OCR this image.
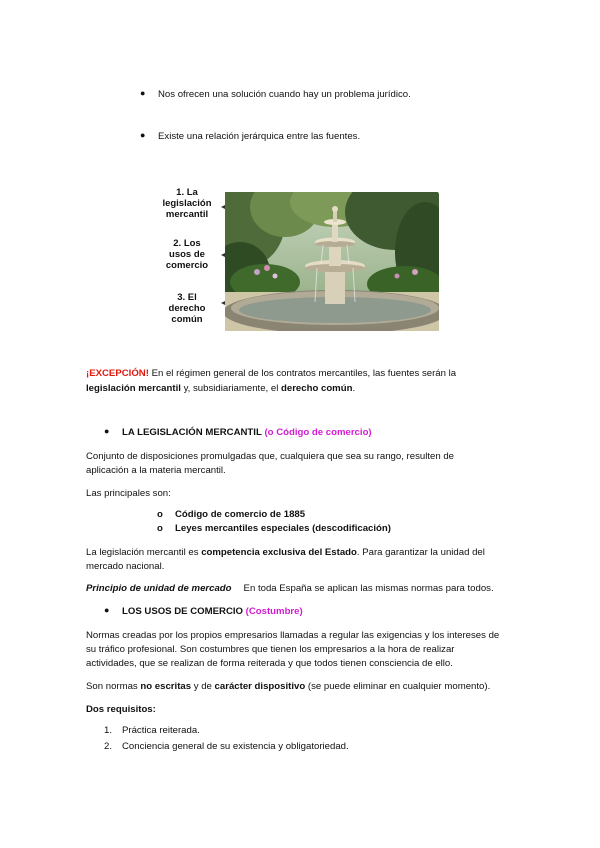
● Nos ofrecen una solución cuando hay un problema jurídico.
● Existe una relación jerárquica entre las fuentes.
1. La
legislación
mercantil
2. Los
usos de
comercio
3. El
derecho
común
¡EXCEPCIÓN! En el régimen general de los contratos mercantiles, las fuentes serán la
legislación mercantil y, subsidiariamente, el derecho común.
● LA LEGISLACIÓN MERCANTIL (o Código de comercio)
Conjunto de disposiciones promulgadas que, cualquiera que sea su rango, resulten de
aplicación a la materia mercantil.
Las principales son:
o Código de comercio de 1885
o Leyes mercantiles especiales (descodificación)
La legislación mercantil es competencia exclusiva del Estado. Para garantizar la unidad del
mercado nacional.
Principio de unidad de mercado En toda España se aplican las mismas normas para todos.
● LOS USOS DE COMERCIO (Costumbre)
Normas creadas por los propios empresarios llamadas a regular las exigencias y los intereses de
su tráfico profesional. Son costumbres que tienen los empresarios a la hora de realizar
actividades, que se realizan de forma reiterada y que todos tienen consciencia de ello.
Son normas no escritas y de carácter dispositivo (se puede eliminar en cualquier momento).
Dos requisitos:
1. Práctica reiterada.
2. Conciencia general de su existencia y obligatoriedad.
